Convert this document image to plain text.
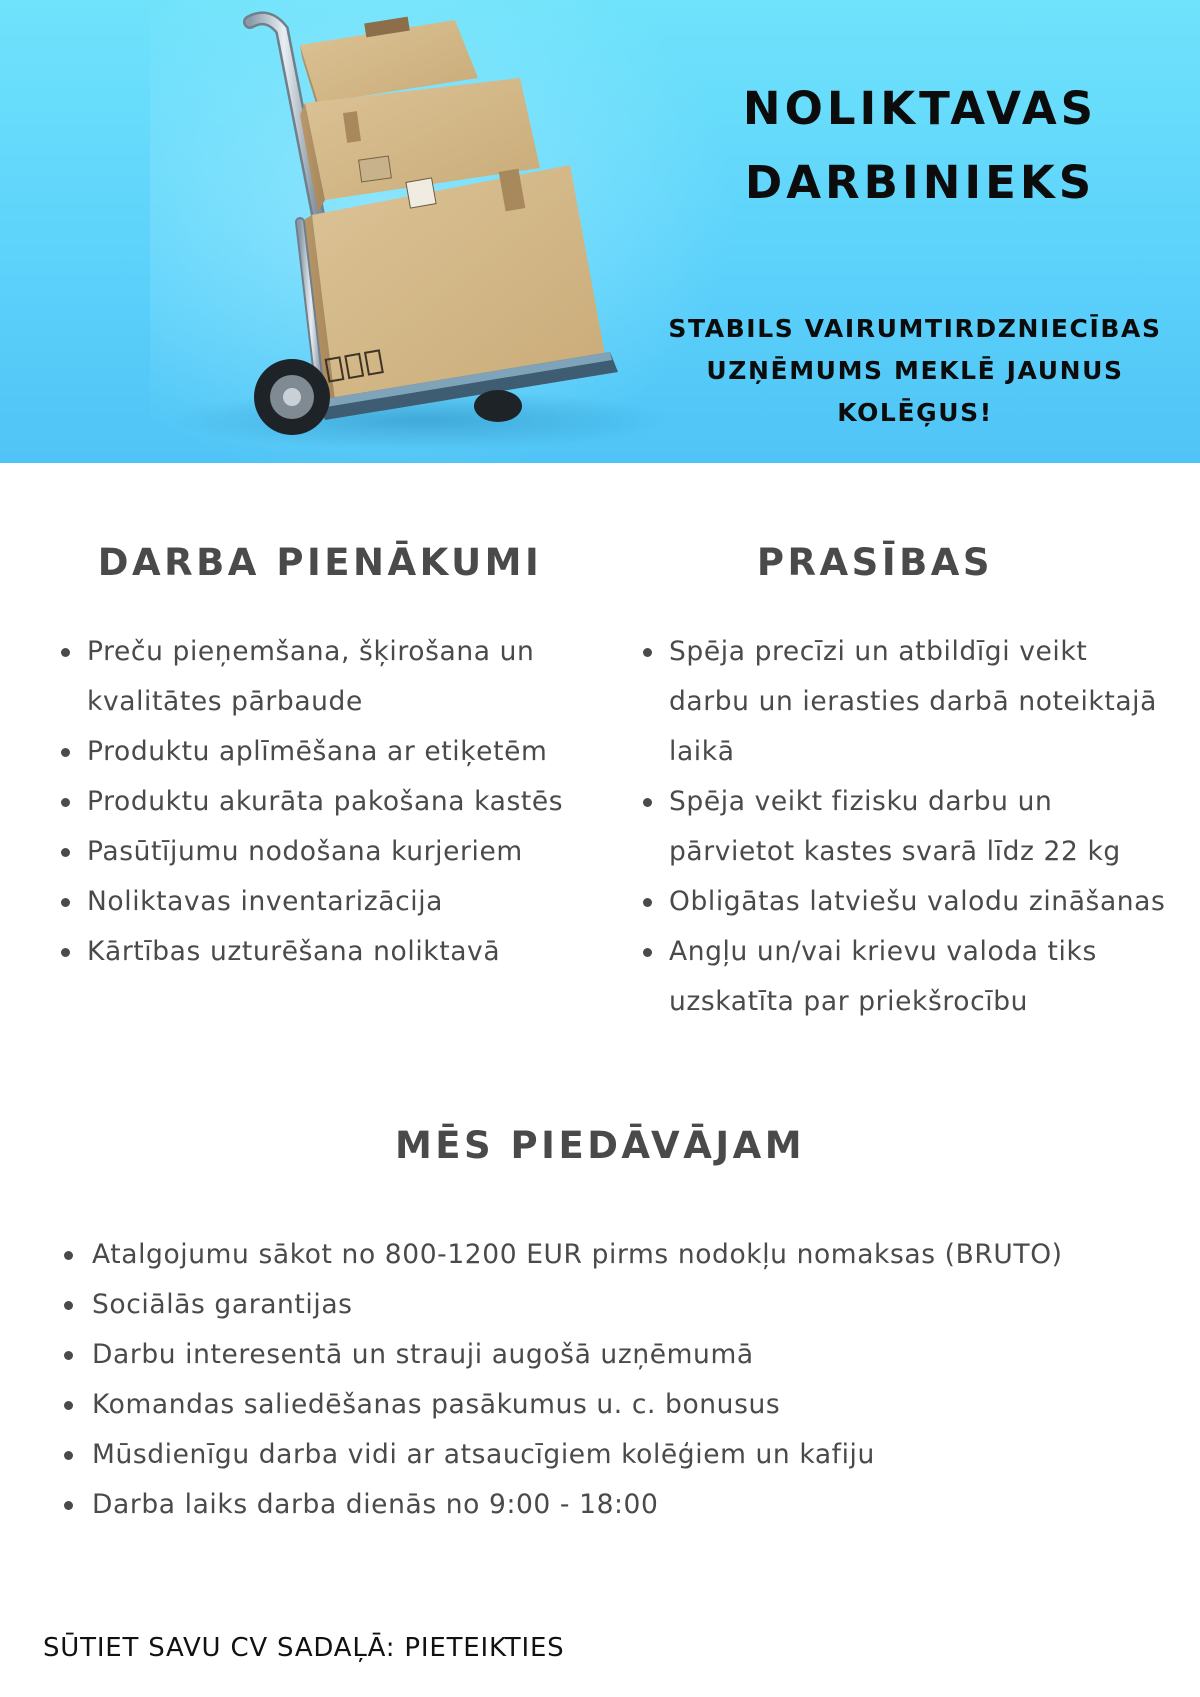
NOLIKTAVAS
DARBINIEKS
STABILS VAIRUMTIRDZNIECĪBAS
UZŅĒMUMS MEKLĒ JAUNUS
KOLĒĢUS!
DARBA PIENĀKUMI
Preču pieņemšana, šķirošana un kvalitātes pārbaude
Produktu aplīmēšana ar etiķetēm
Produktu akurāta pakošana kastēs
Pasūtījumu nodošana kurjeriem
Noliktavas inventarizācija
Kārtības uzturēšana noliktavā
PRASĪBAS
Spēja precīzi un atbildīgi veikt darbu un ierasties darbā noteiktajā laikā
Spēja veikt fizisku darbu un pārvietot kastes svarā līdz 22 kg
Obligātas latviešu valodu zināšanas
Angļu un/vai krievu valoda tiks uzskatīta par priekšrocību
MĒS PIEDĀVĀJAM
Atalgojumu sākot no 800-1200 EUR pirms nodokļu nomaksas (BRUTO)
Sociālās garantijas
Darbu interesentā un strauji augošā uzņēmumā
Komandas saliedēšanas pasākumus u. c. bonusus
Mūsdienīgu darba vidi ar atsaucīgiem kolēģiem un kafiju
Darba laiks darba dienās no 9:00 - 18:00
SŪTIET SAVU CV SADAĻĀ: PIETEIKTIES
